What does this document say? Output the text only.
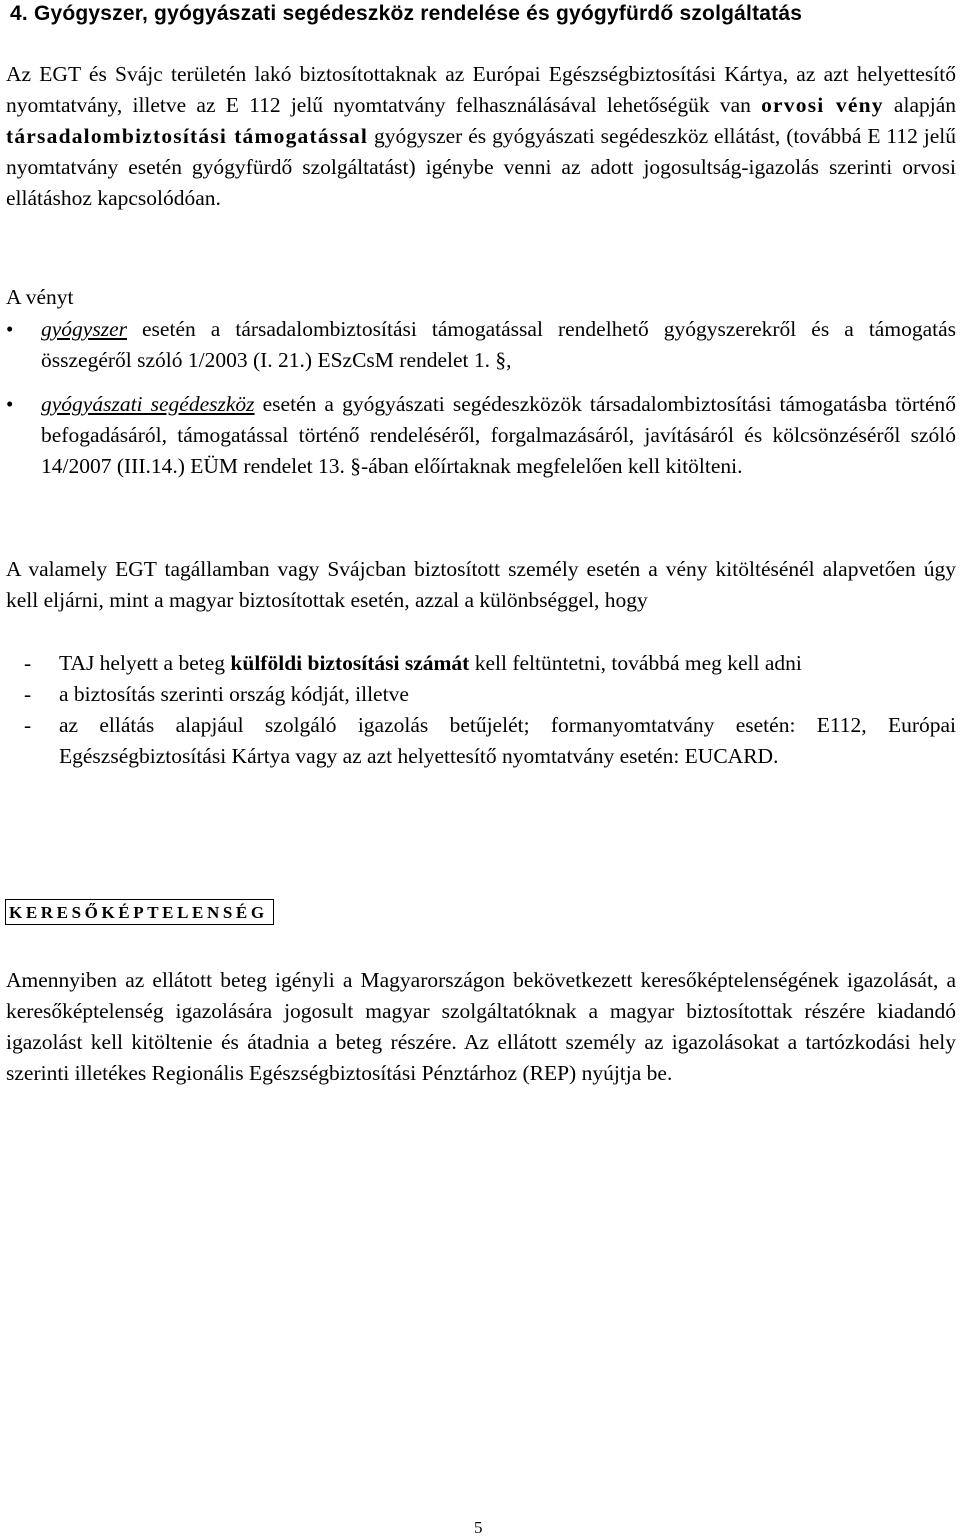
4. Gyógyszer, gyógyászati segédeszköz rendelése és gyógyfürdő szolgáltatás
Az EGT és Svájc területén lakó biztosítottaknak az Európai Egészségbiztosítási Kártya, az azt helyettesítő nyomtatvány, illetve az E 112 jelű nyomtatvány felhasználásával lehetőségük van orvosi vény alapján társadalombiztosítási támogatással gyógyszer és gyógyászati segédeszköz ellátást, (továbbá E 112 jelű nyomtatvány esetén gyógyfürdő szolgáltatást) igénybe venni az adott jogosultság-igazolás szerinti orvosi ellátáshoz kapcsolódóan.
A vényt
• gyógyszer esetén a társadalombiztosítási támogatással rendelhető gyógyszerekről és a támogatás összegéről szóló 1/2003 (I. 21.) ESzCsM rendelet 1. §,
• gyógyászati segédeszköz esetén a gyógyászati segédeszközök társadalombiztosítási támogatásba történő befogadásáról, támogatással történő rendeléséről, forgalmazásáról, javításáról és kölcsönzéséről szóló 14/2007 (III.14.) EÜM rendelet 13. §-ában előírtaknak megfelelően kell kitölteni.
A valamely EGT tagállamban vagy Svájcban biztosított személy esetén a vény kitöltésénél alapvetően úgy kell eljárni, mint a magyar biztosítottak esetén, azzal a különbséggel, hogy
- TAJ helyett a beteg külföldi biztosítási számát kell feltüntetni, továbbá meg kell adni
- a biztosítás szerinti ország kódját, illetve
- az ellátás alapjául szolgáló igazolás betűjelét; formanyomtatvány esetén: E112, Európai Egészségbiztosítási Kártya vagy az azt helyettesítő nyomtatvány esetén: EUCARD.
KERESŐKÉPTELENSÉG
Amennyiben az ellátott beteg igényli a Magyarországon bekövetkezett keresőképtelenségének igazolását, a keresőképtelenség igazolására jogosult magyar szolgáltatóknak a magyar biztosítottak részére kiadandó igazolást kell kitöltenie és átadnia a beteg részére. Az ellátott személy az igazolásokat a tartózkodási hely szerinti illetékes Regionális Egészségbiztosítási Pénztárhoz (REP) nyújtja be.
5
